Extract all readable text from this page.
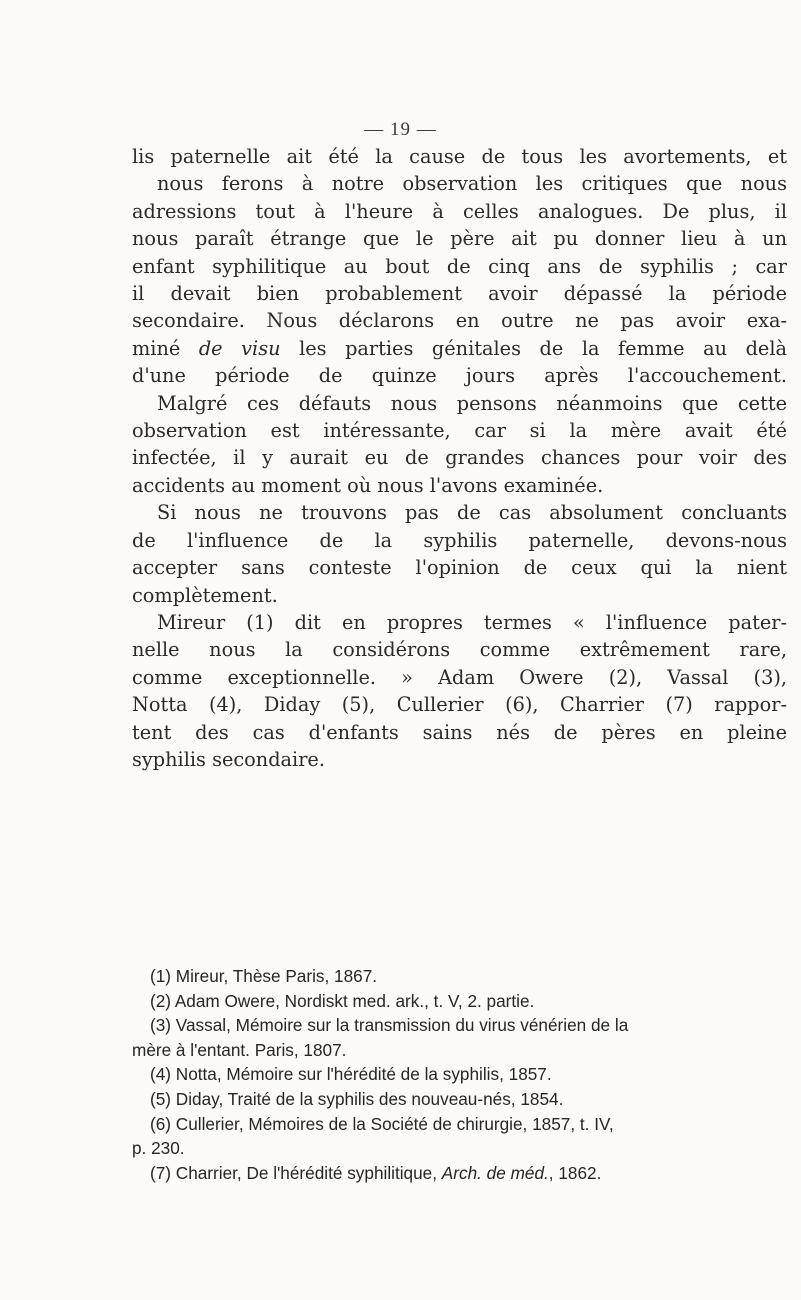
— 19 —
lis paternelle ait été la cause de tous les avortements, et
nous ferons à notre observation les critiques que nous
adressions tout à l'heure à celles analogues. De plus, il
nous paraît étrange que le père ait pu donner lieu à un
enfant syphilitique au bout de cinq ans de syphilis ; car
il devait bien probablement avoir dépassé la période
secondaire. Nous déclarons en outre ne pas avoir exa-
miné de visu les parties génitales de la femme au delà
d'une période de quinze jours après l'accouchement.
Malgré ces défauts nous pensons néanmoins que cette
observation est intéressante, car si la mère avait été
infectée, il y aurait eu de grandes chances pour voir des
accidents au moment où nous l'avons examinée.
Si nous ne trouvons pas de cas absolument concluants
de l'influence de la syphilis paternelle, devons-nous
accepter sans conteste l'opinion de ceux qui la nient
complètement.
Mireur (1) dit en propres termes « l'influence pater-
nelle nous la considérons comme extrêmement rare,
comme exceptionnelle. » Adam Owere (2), Vassal (3),
Notta (4), Diday (5), Cullerier (6), Charrier (7) rappor-
tent des cas d'enfants sains nés de pères en pleine
syphilis secondaire.
(1) Mireur, Thèse Paris, 1867.
(2) Adam Owere, Nordiskt med. ark., t. V, 2. partie.
(3) Vassal, Mémoire sur la transmission du virus vénérien de la
mère à l'entant. Paris, 1807.
(4) Notta, Mémoire sur l'hérédité de la syphilis, 1857.
(5) Diday, Traité de la syphilis des nouveau-nés, 1854.
(6) Cullerier, Mémoires de la Société de chirurgie, 1857, t. IV,
p. 230.
(7) Charrier, De l'hérédité syphilitique, Arch. de méd., 1862.
